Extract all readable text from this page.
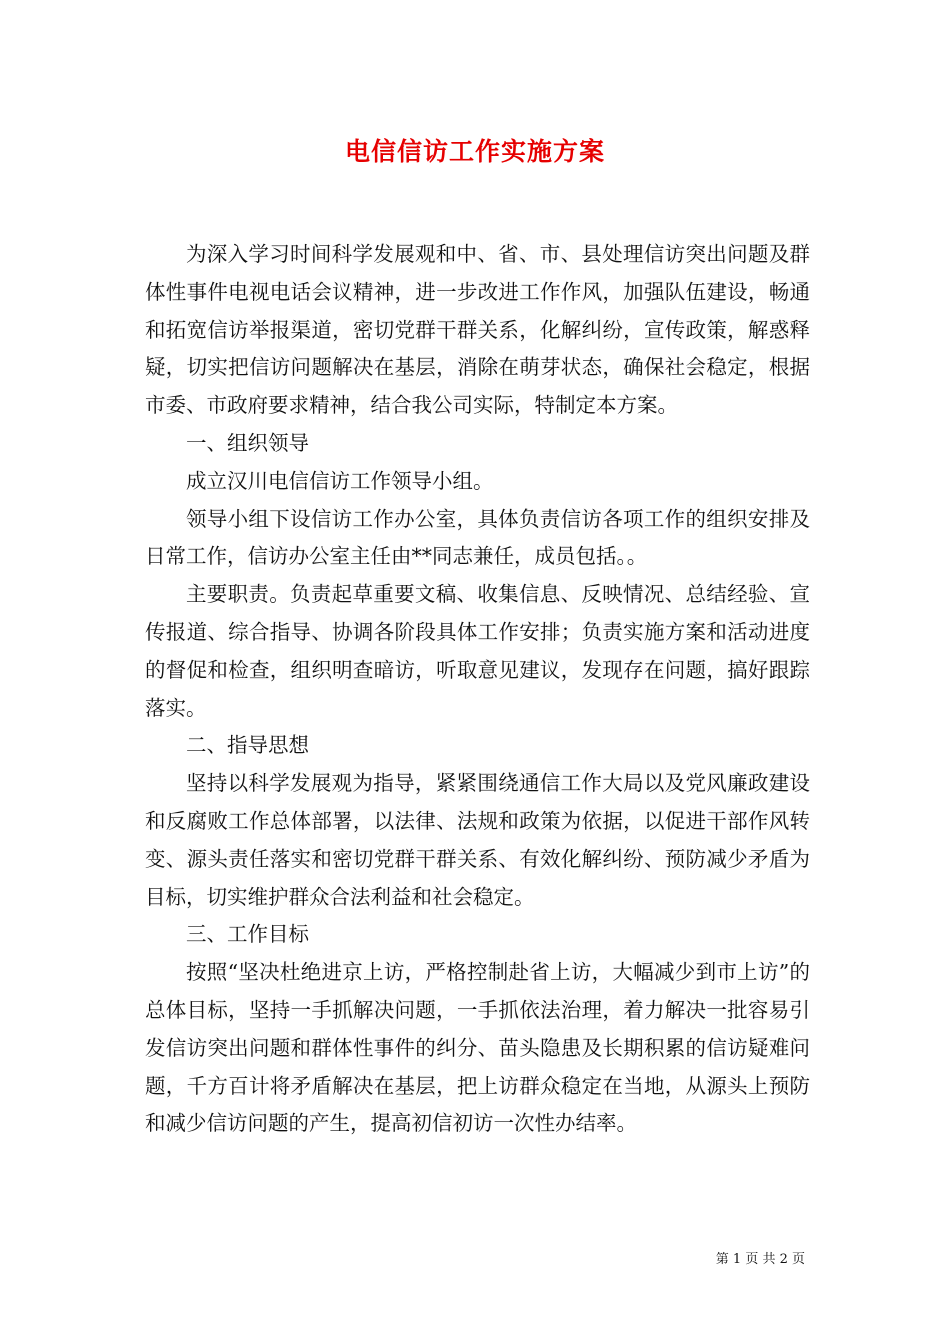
电信信访工作实施方案

为深入学习时间科学发展观和中、省、市、县处理信访突出问题及群体性事件电视电话会议精神，进一步改进工作作风，加强队伍建设，畅通和拓宽信访举报渠道，密切党群干群关系，化解纠纷，宣传政策，解惑释疑，切实把信访问题解决在基层，消除在萌芽状态，确保社会稳定，根据市委、市政府要求精神，结合我公司实际，特制定本方案。

一、组织领导

成立汉川电信信访工作领导小组。

领导小组下设信访工作办公室，具体负责信访各项工作的组织安排及日常工作，信访办公室主任由**同志兼任，成员包括。。

主要职责。负责起草重要文稿、收集信息、反映情况、总结经验、宣传报道、综合指导、协调各阶段具体工作安排；负责实施方案和活动进度的督促和检查，组织明查暗访，听取意见建议，发现存在问题，搞好跟踪落实。

二、指导思想

坚持以科学发展观为指导，紧紧围绕通信工作大局以及党风廉政建设和反腐败工作总体部署，以法律、法规和政策为依据，以促进干部作风转变、源头责任落实和密切党群干群关系、有效化解纠纷、预防减少矛盾为目标，切实维护群众合法利益和社会稳定。

三、工作目标

按照“坚决杜绝进京上访，严格控制赴省上访，大幅减少到市上访”的总体目标，坚持一手抓解决问题，一手抓依法治理，着力解决一批容易引发信访突出问题和群体性事件的纠分、苗头隐患及长期积累的信访疑难问题，千方百计将矛盾解决在基层，把上访群众稳定在当地，从源头上预防和减少信访问题的产生，提高初信初访一次性办结率。

第 1 页 共 2 页
